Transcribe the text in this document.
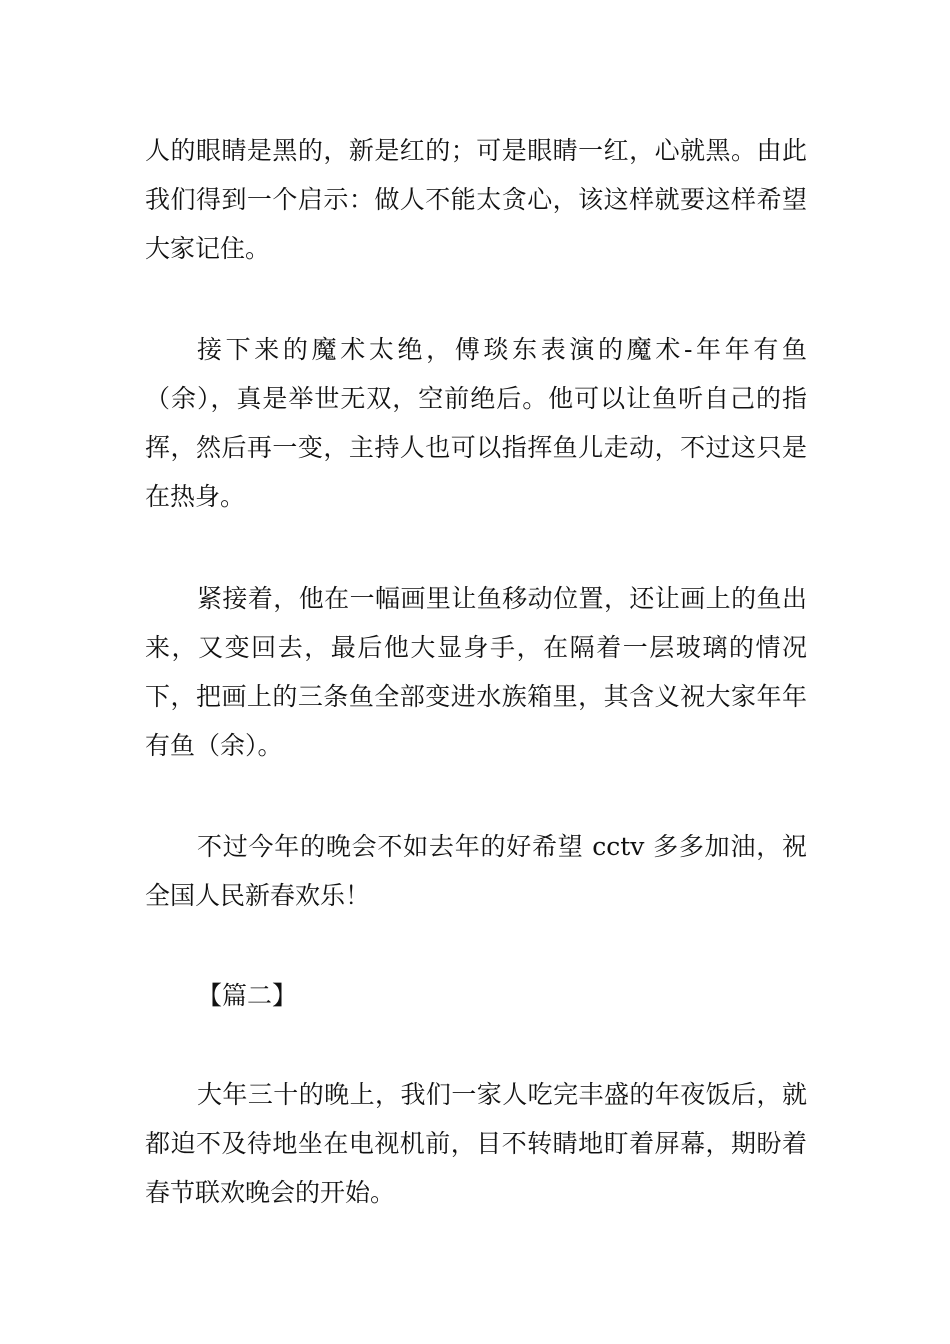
人的眼睛是黑的，新是红的；可是眼睛一红，心就黑。由此我们得到一个启示：做人不能太贪心，该这样就要这样希望大家记住。

接下来的魔术太绝，傅琰东表演的魔术-年年有鱼（余），真是举世无双，空前绝后。他可以让鱼听自己的指挥，然后再一变，主持人也可以指挥鱼儿走动，不过这只是在热身。

紧接着，他在一幅画里让鱼移动位置，还让画上的鱼出来，又变回去，最后他大显身手，在隔着一层玻璃的情况下，把画上的三条鱼全部变进水族箱里，其含义祝大家年年有鱼（余）。

不过今年的晚会不如去年的好希望 cctv 多多加油，祝全国人民新春欢乐！

【篇二】

大年三十的晚上，我们一家人吃完丰盛的年夜饭后，就都迫不及待地坐在电视机前，目不转睛地盯着屏幕，期盼着春节联欢晚会的开始。
